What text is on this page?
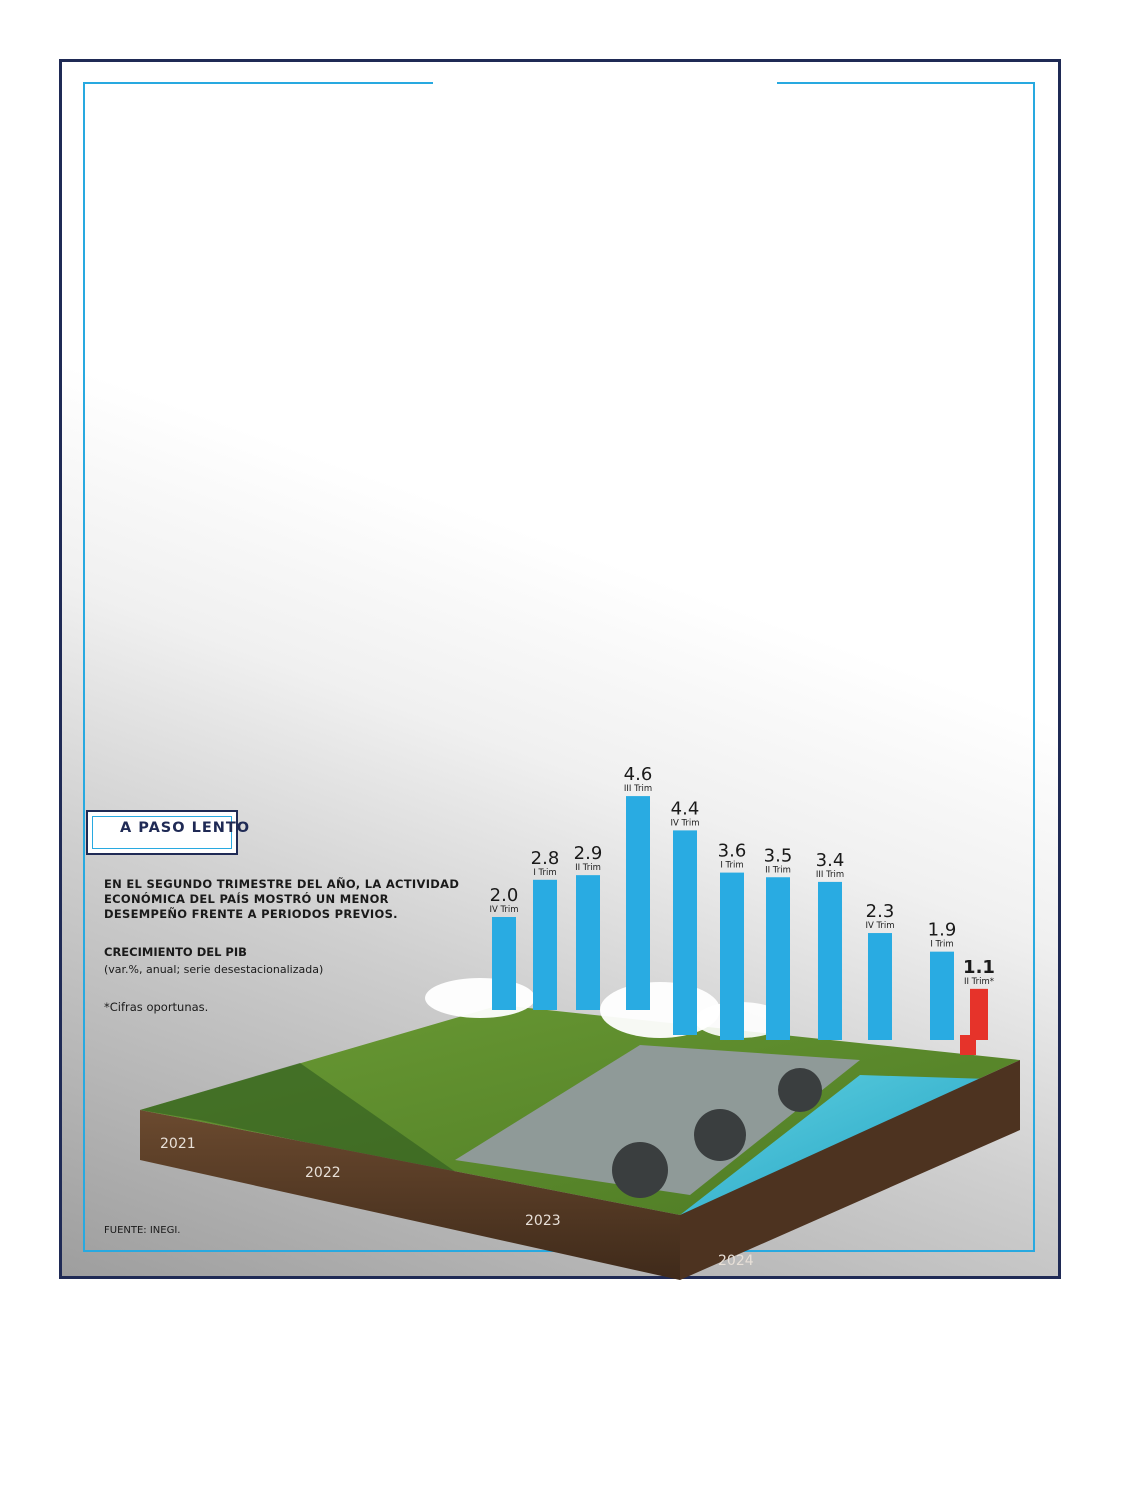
2.0
IV Trim
2.8
I Trim
2.9
II Trim
4.6
III Trim
4.4
IV Trim
3.6
I Trim 3.5
II Trim 3.4
III Trim
2.3
IV Trim 1.9
I Trim
1.1
II Trim*
2021
2022
2023
2024
A PASO LENTO
EN EL SEGUNDO TRIMESTRE DEL AÑO, LA ACTIVIDAD ECONÓMICA DEL PAÍS MOSTRÓ UN MENOR DESEMPEÑO FRENTE A PERIODOS PREVIOS.
CRECIMIENTO DEL PIB
(var.%, anual; serie desestacionalizada)
*Cifras oportunas.
FUENTE: INEGI.
